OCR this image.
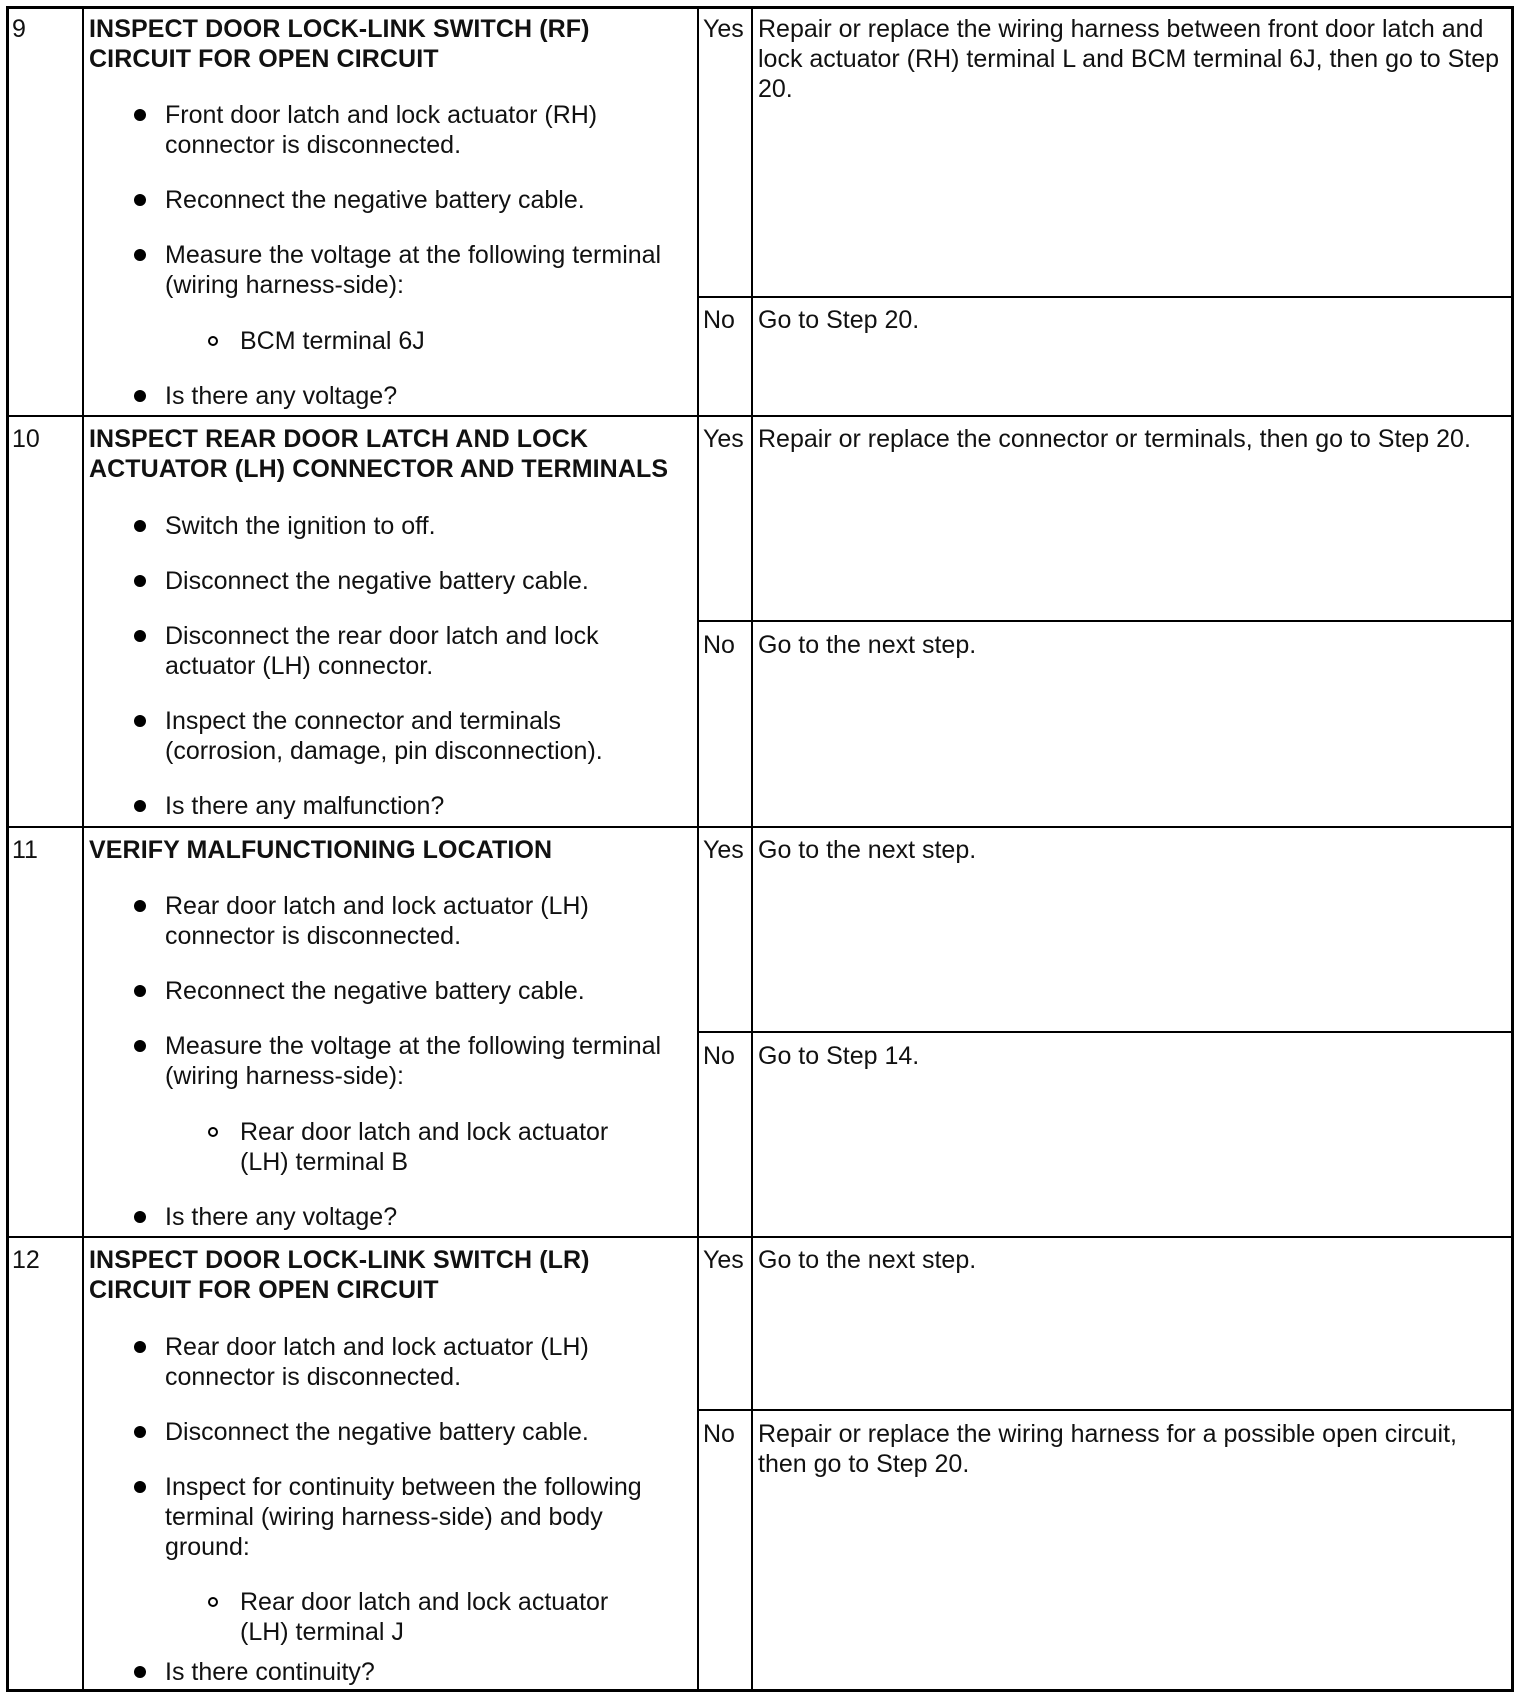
9	INSPECT DOOR LOCK-LINK SWITCH (RF)
CIRCUIT FOR OPEN CIRCUIT
Front door latch and lock actuator (RH)
connector is disconnected.
Reconnect the negative battery cable.
Measure the voltage at the following terminal
(wiring harness-side):
BCM terminal 6J
Is there any voltage?
Yes Repair or replace the wiring harness between front door latch and
lock actuator (RH) terminal L and BCM terminal 6J, then go to Step
20.
No Go to Step 20.
10 INSPECT REAR DOOR LATCH AND LOCK
ACTUATOR (LH) CONNECTOR AND TERMINALS
Switch the ignition to off.
Disconnect the negative battery cable.
Disconnect the rear door latch and lock
actuator (LH) connector.
Inspect the connector and terminals
(corrosion, damage, pin disconnection).
Is there any malfunction?
Yes Repair or replace the connector or terminals, then go to Step 20.
No Go to the next step.
11 VERIFY MALFUNCTIONING LOCATION
Rear door latch and lock actuator (LH)
connector is disconnected.
Reconnect the negative battery cable.
Measure the voltage at the following terminal
(wiring harness-side):
Rear door latch and lock actuator
(LH) terminal B
Is there any voltage?
Yes Go to the next step.
No Go to Step 14.
12 INSPECT DOOR LOCK-LINK SWITCH (LR)
CIRCUIT FOR OPEN CIRCUIT
Rear door latch and lock actuator (LH)
connector is disconnected.
Disconnect the negative battery cable.
Inspect for continuity between the following
terminal (wiring harness-side) and body
ground:
Rear door latch and lock actuator
(LH) terminal J
Is there continuity?
Yes Go to the next step.
No Repair or replace the wiring harness for a possible open circuit,
then go to Step 20.
